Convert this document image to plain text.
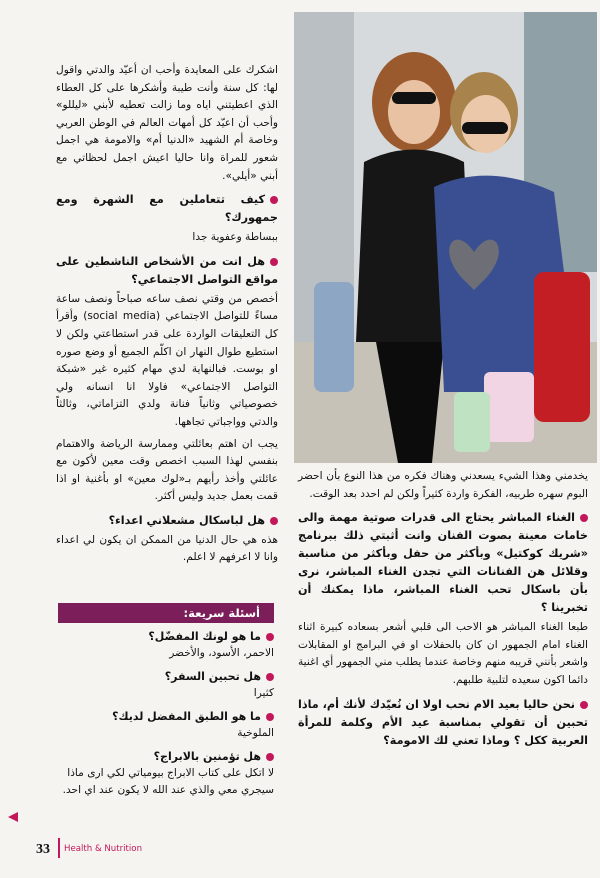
اشكرك على المعايدة وأحب ان أعيّد والدتي واقول لها: كل سنة وأنت طيبة وأشكرها على كل العطاء الذي اعطيتني اياه وما زالت تعطيه لأبني «ليللو» وأحب أن اعيّد كل أمهات العالم في الوطن العربي وخاصة أم الشهيد «الدنيا أم» والامومة هي اجمل شعور للمراة وانا حاليا اعيش اجمل لحظاتي مع أبني «أيلي».

كيف تتعاملين مع الشهرة ومع جمهورك؟

ببساطة وعفوية جدا

هل انت من الأشخاص الناشطين على مواقع التواصل الاجتماعي؟

أخصص من وقتي نصف ساعه صباحاً ونصف ساعة مساءً للتواصل الاجتماعي (social media) وأقرأ كل التعليقات الواردة على قدر استطاعتي ولكن لا استطيع طوال النهار ان اكلّم الجميع أو وضع صوره او بوست. فبالنهاية لدي مهام كثيره غير «شبكة التواصل الاجتماعي» فاولا انا انسانه ولي خصوصياتي وثانياً فنانة ولدي التزاماتي، وثالثاً والدتي وواجباتي تجاهها.

يجب ان اهتم بعائلتي وممارسة الرياضة والاهتمام بنفسي لهذا السبب اخصص وقت معين لأكون مع عائلتي وأخذ رأيهم بـ«لوك معين» او بأغنية او اذا قمت بعمل جديد وليس أكثر.

هل لباسكال مشعلاني اعداء؟

هذه هي حال الدنيا من الممكن ان يكون لي اعداء وانا لا اعرفهم لا اعلم.

أسئلة سريعة:
ما هو لونك المفضّل؟
الاحمر، الأسود، والأخضر
هل تحبين السفر؟
كثيرا
ما هو الطبق المفضل لديك؟
الملوخية
هل تؤمنين بالابراج؟
لا اتكل على كتاب الابراج بيومياتي لكي ارى ماذا سيجري معي والذي عند الله لا يكون عند اي احد.

يخدمني وهذا الشيء يسعدني وهناك فكره من هذا النوع بأن احضر البوم سهره طربيه، الفكرة واردة كثيراً ولكن لم احدد بعد الوقت.

الغناء المباشر يحتاج الى قدرات صوتية مهمة والى خامات معينة بصوت الفنان وانت أثبتي ذلك ببرنامج «شريك كوكتيل» وبأكثر من حفل وبأكثر من مناسبة وقلائل هن الفنانات التي تجدن الغناء المباشر، نرى بأن باسكال تحب الغناء المباشر، ماذا يمكنك أن تخبرينا ؟

طبعا الغناء المباشر هو الاحب الى قلبي أشعر بسعاده كبيرة اثناء الغناء امام الجمهور ان كان بالحفلات او في البرامج او المقابلات واشعر بأنني قريبه منهم وخاصة عندما يطلب مني الجمهور أي اغنية دائما اكون سعيده لتلبية طلبهم.

نحن حاليا بعيد الام نحب اولا ان نُعيّدك لأنك أم، ماذا تحبين أن تقولي بمناسبة عيد الأم وكلمة للمرأة العربية ككل ؟ وماذا تعني لك الامومة؟
33 Health & Nutrition
